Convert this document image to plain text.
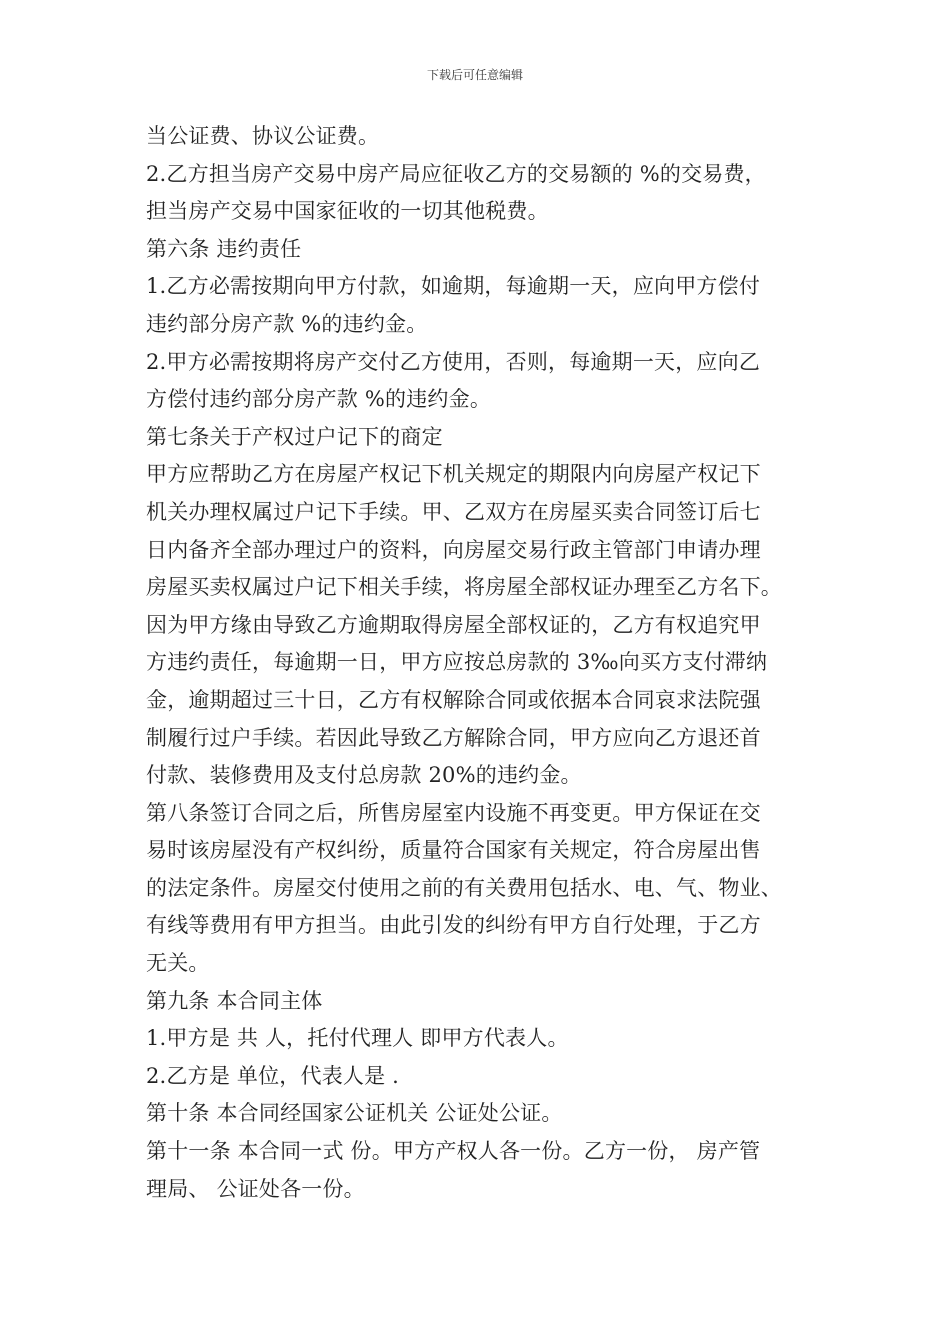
下载后可任意编辑
当公证费、协议公证费。
2.乙方担当房产交易中房产局应征收乙方的交易额的 %的交易费，
担当房产交易中国家征收的一切其他税费。
第六条 违约责任
1.乙方必需按期向甲方付款，如逾期，每逾期一天，应向甲方偿付
违约部分房产款 %的违约金。
2.甲方必需按期将房产交付乙方使用，否则，每逾期一天，应向乙
方偿付违约部分房产款 %的违约金。
第七条关于产权过户记下的商定
甲方应帮助乙方在房屋产权记下机关规定的期限内向房屋产权记下
机关办理权属过户记下手续。甲、乙双方在房屋买卖合同签订后七
日内备齐全部办理过户的资料，向房屋交易行政主管部门申请办理
房屋买卖权属过户记下相关手续，将房屋全部权证办理至乙方名下。
因为甲方缘由导致乙方逾期取得房屋全部权证的，乙方有权追究甲
方违约责任，每逾期一日，甲方应按总房款的 3‰向买方支付滞纳
金，逾期超过三十日，乙方有权解除合同或依据本合同哀求法院强
制履行过户手续。若因此导致乙方解除合同，甲方应向乙方退还首
付款、装修费用及支付总房款 20%的违约金。
第八条签订合同之后，所售房屋室内设施不再变更。甲方保证在交
易时该房屋没有产权纠纷，质量符合国家有关规定，符合房屋出售
的法定条件。房屋交付使用之前的有关费用包括水、电、气、物业、
有线等费用有甲方担当。由此引发的纠纷有甲方自行处理，于乙方
无关。
第九条 本合同主体
1.甲方是 共 人，托付代理人 即甲方代表人。
2.乙方是 单位，代表人是 .
第十条 本合同经国家公证机关 公证处公证。
第十一条 本合同一式 份。甲方产权人各一份。乙方一份， 房产管
理局、 公证处各一份。
